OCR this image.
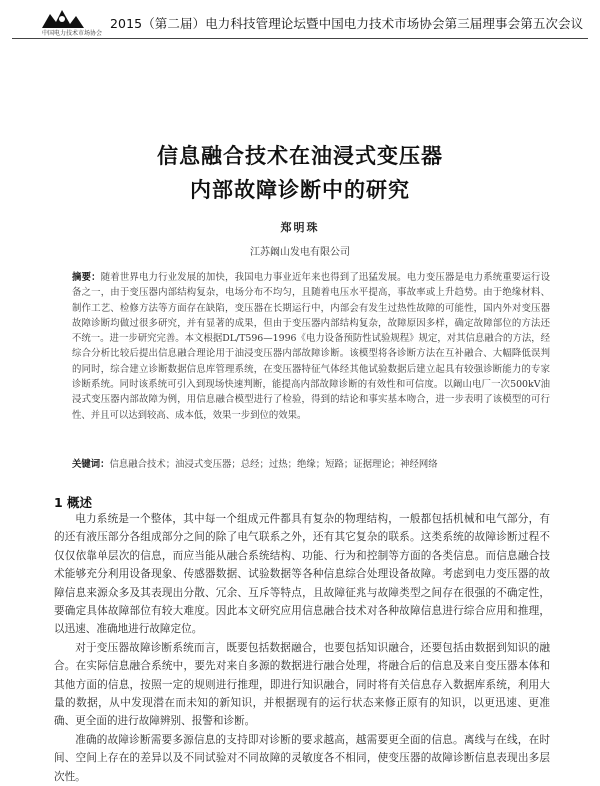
中国电力技术市场协会
2015（第二届）电力科技管理论坛暨中国电力技术市场协会第三届理事会第五次会议
信息融合技术在油浸式变压器
内部故障诊断中的研究
郑明珠
江苏阚山发电有限公司
摘要：随着世界电力行业发展的加快，我国电力事业近年来也得到了迅猛发展。电力变压器是电力系统重要运行设备之一，由于变压器内部结构复杂，电场分布不均匀，且随着电压水平提高，事故率或上升趋势。由于绝缘材料、制作工艺、检修方法等方面存在缺陷，变压器在长期运行中，内部会有发生过热性故障的可能性，国内外对变压器故障诊断均做过很多研究，并有显著的成果，但由于变压器内部结构复杂，故障原因多样，确定故障部位的方法还不统一。进一步研究完善。本文根据DL/T596—1996《电力设备预防性试验规程》规定，对其信息融合的方法，经综合分析比较后提出信息融合理论用于油浸变压器内部故障诊断。该模型将各诊断方法在互补融合、大幅降低误判的同时，综合建立诊断数据信息库管理系统，在变压器特征气体经其他试验数据后建立起具有较强诊断能力的专家诊断系统。同时该系统可引入到现场快速判断，能提高内部故障诊断的有效性和可信度。以阚山电厂一次500kV油浸式变压器内部故障为例，用信息融合模型进行了检验，得到的结论和事实基本吻合，进一步表明了该模型的可行性、并且可以达到较高、成本低，效果一步到位的效果。
关键词：信息融合技术；油浸式变压器；总经；过热；绝缘；短路；证据理论；神经网络
1 概述

电力系统是一个整体，其中每一个组成元件都具有复杂的物理结构，一般都包括机械和电气部分，有的还有液压部分各组成部分之间的除了电气联系之外，还有其它复杂的联系。这类系统的故障诊断过程不仅仅依靠单层次的信息，而应当能从融合系统结构、功能、行为和控制等方面的各类信息。而信息融合技术能够充分利用设备现象、传感器数据、试验数据等各种信息综合处理设备故障。考虑到电力变压器的故障信息来源众多及其表现出分散、冗余、互斥等特点，且故障征兆与故障类型之间存在很强的不确定性，要确定具体故障部位有较大难度。因此本文研究应用信息融合技术对各种故障信息进行综合应用和推理，以迅速、准确地进行故障定位。

对于变压器故障诊断系统而言，既要包括数据融合，也要包括知识融合，还要包括由数据到知识的融合。在实际信息融合系统中，要先对来自多源的数据进行融合处理，将融合后的信息及来自变压器本体和其他方面的信息，按照一定的规则进行推理，即进行知识融合，同时将有关信息存入数据库系统，利用大量的数据，从中发现潜在而未知的新知识，并根据现有的运行状态来修正原有的知识，以更迅速、更准确、更全面的进行故障辨别、报警和诊断。

准确的故障诊断需要多源信息的支持即对诊断的要求越高，越需要更全面的信息。离线与在线，在时间、空间上存在的差异以及不同试验对不同故障的灵敏度各不相同，使变压器的故障诊断信息表现出多层次性。
